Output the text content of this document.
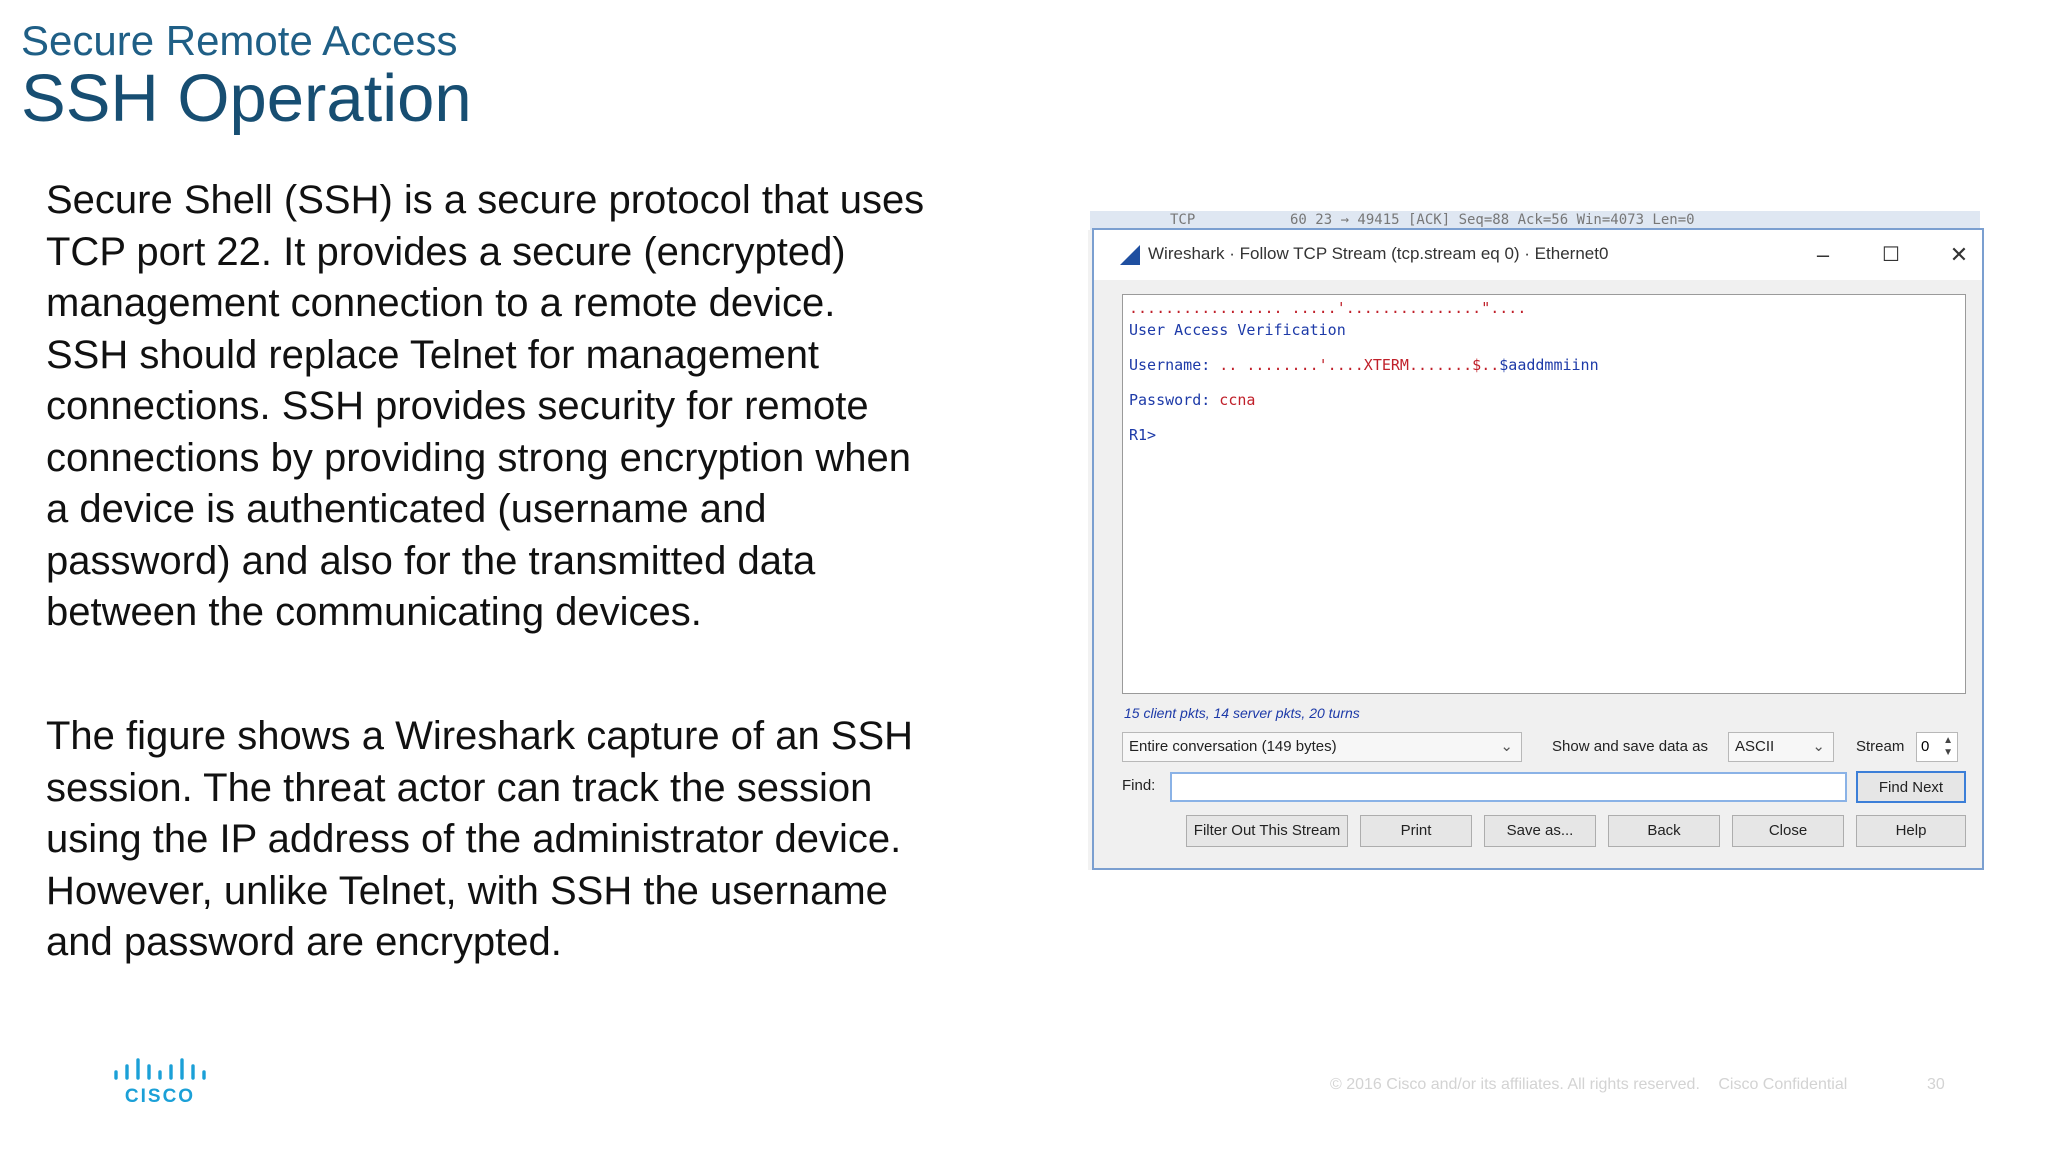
Secure Remote Access
SSH Operation
Secure Shell (SSH) is a secure protocol that uses
TCP port 22. It provides a secure (encrypted)
management connection to a remote device.
SSH should replace Telnet for management
connections. SSH provides security for remote
connections by providing strong encryption when
a device is authenticated (username and
password) and also for the transmitted data
between the communicating devices.
The figure shows a Wireshark capture of an SSH
session. The threat actor can track the session
using the IP address of the administrator device.
However, unlike Telnet, with SSH the username
and password are encrypted.
TCP	60 23 → 49415 [ACK] Seq=88 Ack=56 Win=4073 Len=0
Wireshark · Follow TCP Stream (tcp.stream eq 0) · Ethernet0	–	☐	✕
................. .....'..............."....
User Access Verification
Username: .. ........'....XTERM.......$..$aaddmmiinn
Password: ccna
R1>
15 client pkts, 14 server pkts, 20 turns
Entire conversation (149 bytes)	⌄	Show and save data as	ASCII	⌄ Stream	0 ▲
▼
Find:	Find Next
Filter Out This Stream	Print	Save as...	Back	Close	Help
CISCO
© 2016 Cisco and/or its affiliates. All rights reserved. Cisco Confidential	30
